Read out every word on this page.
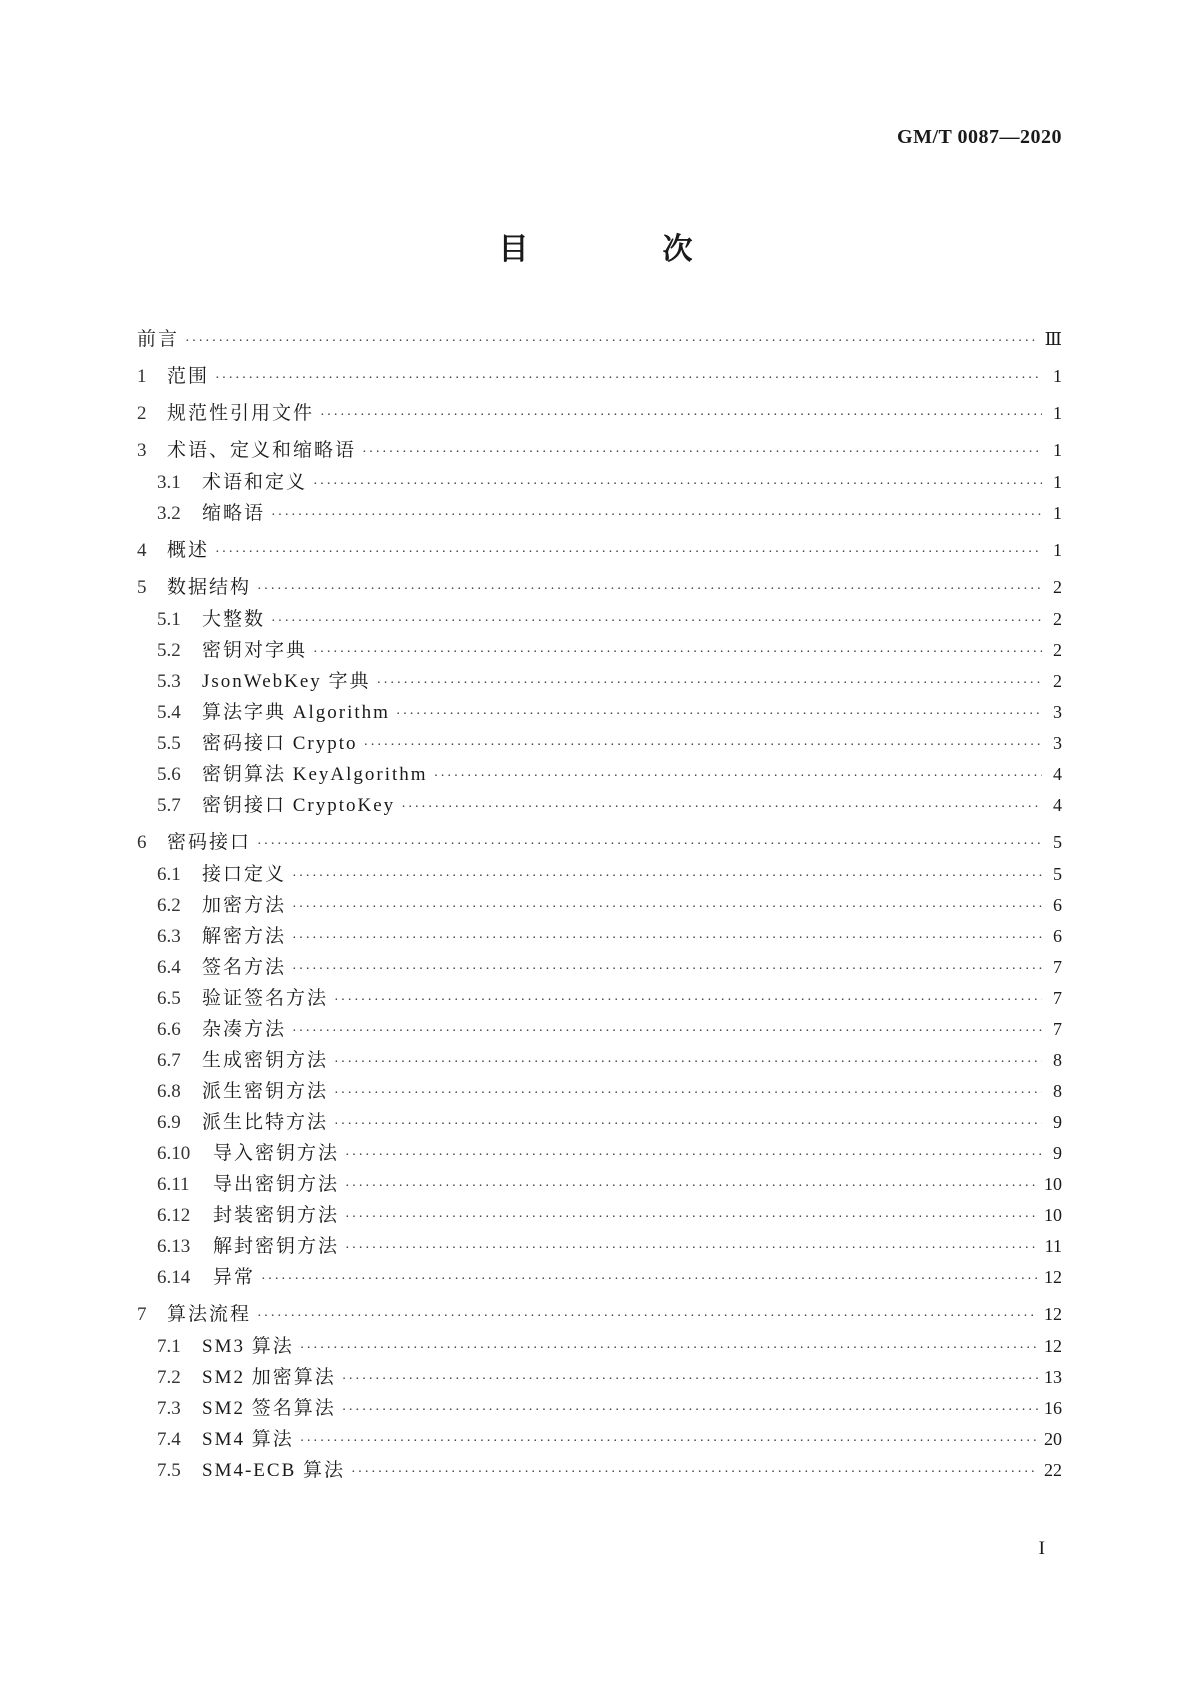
GM/T 0087—2020
目　次
前言 ·····	Ⅲ
1	范围 ·····	1
2	规范性引用文件 ·····	1
3	术语、定义和缩略语 ·····	1
3.1	术语和定义 ·····	1
3.2	缩略语 ·····	1
4	概述 ·····	1
5	数据结构 ·····	2
5.1	大整数 ·····	2
5.2	密钥对字典 ·····	2
5.3	JsonWebKey 字典 ·····	2
5.4	算法字典 Algorithm ·····	3
5.5	密码接口 Crypto ·····	3
5.6	密钥算法 KeyAlgorithm ·····	4
5.7	密钥接口 CryptoKey ·····	4
6	密码接口 ·····	5
6.1	接口定义 ·····	5
6.2	加密方法 ·····	6
6.3	解密方法 ·····	6
6.4	签名方法 ·····	7
6.5	验证签名方法 ·····	7
6.6	杂凑方法 ·····	7
6.7	生成密钥方法 ·····	8
6.8	派生密钥方法 ·····	8
6.9	派生比特方法 ·····	9
6.10	导入密钥方法 ·····	9
6.11	导出密钥方法 ·····	10
6.12	封装密钥方法 ·····	10
6.13	解封密钥方法 ·····	11
6.14	异常 ·····	12
7	算法流程 ·····	12
7.1	SM3 算法 ·····	12
7.2	SM2 加密算法 ·····	13
7.3	SM2 签名算法 ·····	16
7.4	SM4 算法 ·····	20
7.5	SM4-ECB 算法 ·····	22
I
